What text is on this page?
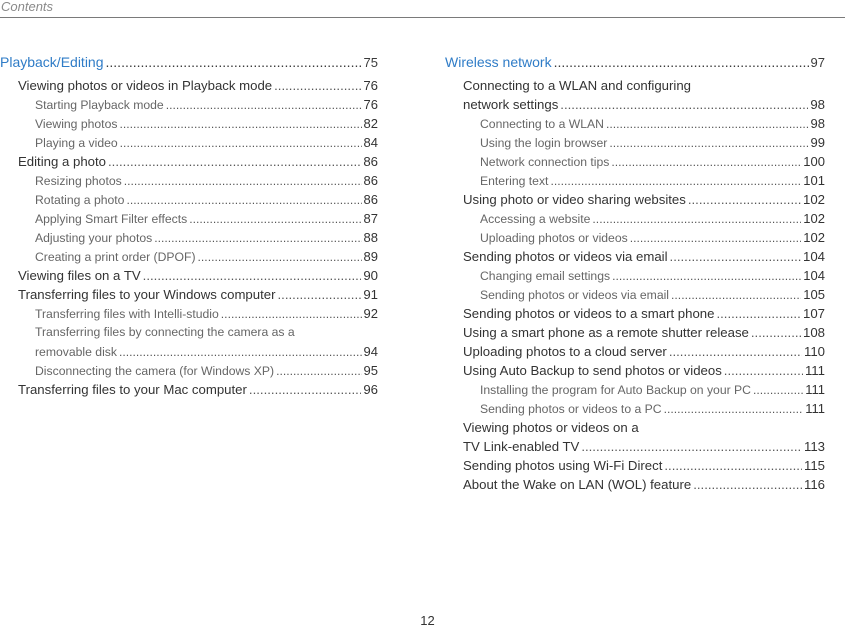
Contents
Playback/Editing .....	75
Viewing photos or videos in Playback mode .....	76
Starting Playback mode .....	76
Viewing photos .....	82
Playing a video .....	84
Editing a photo .....	86
Resizing photos .....	86
Rotating a photo .....	86
Applying Smart Filter effects .....	87
Adjusting your photos .....	88
Creating a print order (DPOF) .....	89
Viewing files on a TV .....	90
Transferring files to your Windows computer .....	91
Transferring files with Intelli-studio .....	92
Transferring files by connecting the camera as a
removable disk .....	94
Disconnecting the camera (for Windows XP) .....	95
Transferring files to your Mac computer .....	96
Wireless network .....	97
Connecting to a WLAN and configuring
network settings .....	98
Connecting to a WLAN .....	98
Using the login browser .....	99
Network connection tips .....	100
Entering text .....	101
Using photo or video sharing websites .....	102
Accessing a website .....	102
Uploading photos or videos .....	102
Sending photos or videos via email .....	104
Changing email settings .....	104
Sending photos or videos via email .....	105
Sending photos or videos to a smart phone .....	107
Using a smart phone as a remote shutter release .....	108
Uploading photos to a cloud server .....	110
Using Auto Backup to send photos or videos .....	111
Installing the program for Auto Backup on your PC .....	111
Sending photos or videos to a PC .....	111
Viewing photos or videos on a
TV Link-enabled TV .....	113
Sending photos using Wi-Fi Direct .....	115
About the Wake on LAN (WOL) feature .....	116
12
